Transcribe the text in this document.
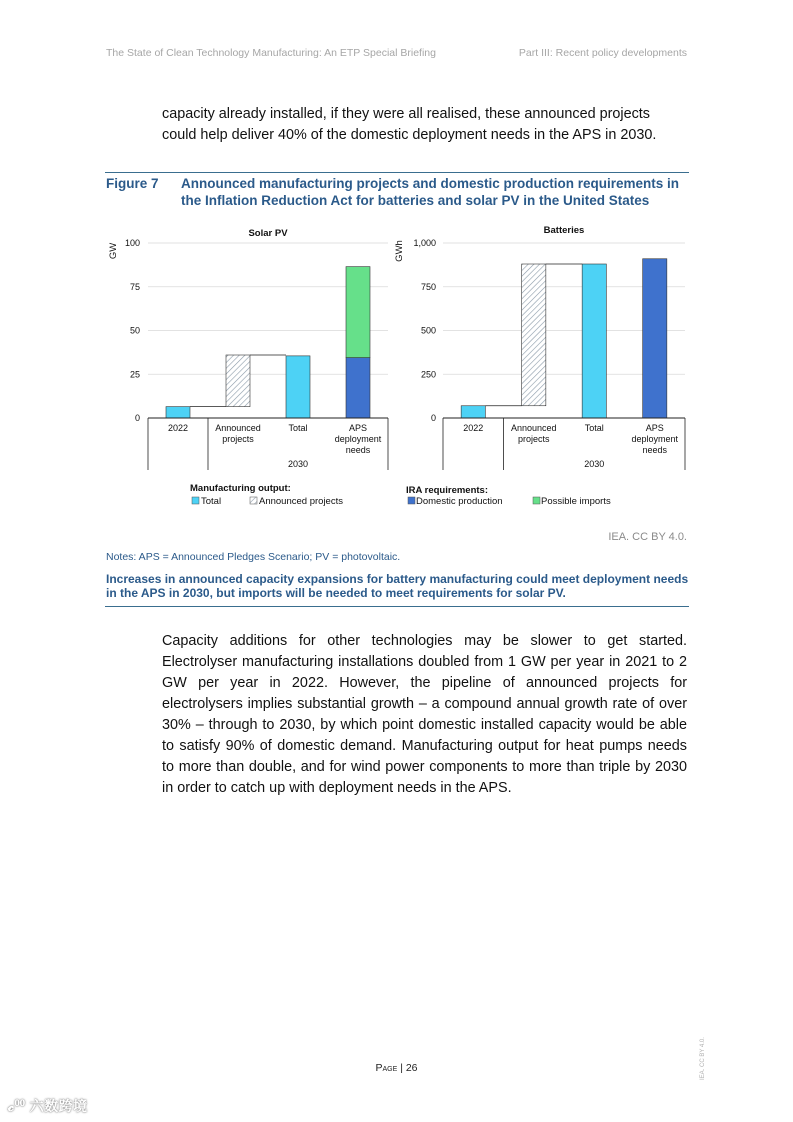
The State of Clean Technology Manufacturing: An ETP Special Briefing	Part III: Recent policy developments
capacity already installed, if they were all realised, these announced projects could help deliver 40% of the domestic deployment needs in the APS in 2030.
Figure 7 Announced manufacturing projects and domestic production requirements in the Inflation Reduction Act for batteries and solar PV in the United States
Solar PV
GW
0
25
50
75
100
2022	Announced projects
Total	APS deployment needs
2030
Batteries
GWh
0
250
500
750
1,000
2022	Announced projects
Total	APS deployment needs
2030
Manufacturing output:
Total	Announced projects
IRA requirements:
Domestic production	Possible imports
IEA. CC BY 4.0.
Notes: APS = Announced Pledges Scenario; PV = photovoltaic.
Increases in announced capacity expansions for battery manufacturing could meet deployment needs in the APS in 2030, but imports will be needed to meet requirements for solar PV.
Capacity additions for other technologies may be slower to get started. Electrolyser manufacturing installations doubled from 1 GW per year in 2021 to 2 GW per year in 2022. However, the pipeline of announced projects for electrolysers implies substantial growth – a compound annual growth rate of over 30% – through to 2030, by which point domestic installed capacity would be able to satisfy 90% of domestic demand. Manufacturing output for heat pumps needs to more than double, and for wind power components to more than triple by 2030 in order to catch up with deployment needs in the APS.
Page | 26	IEA. CC BY 4.0.
𝓬⁰⁰ 六数跨境
